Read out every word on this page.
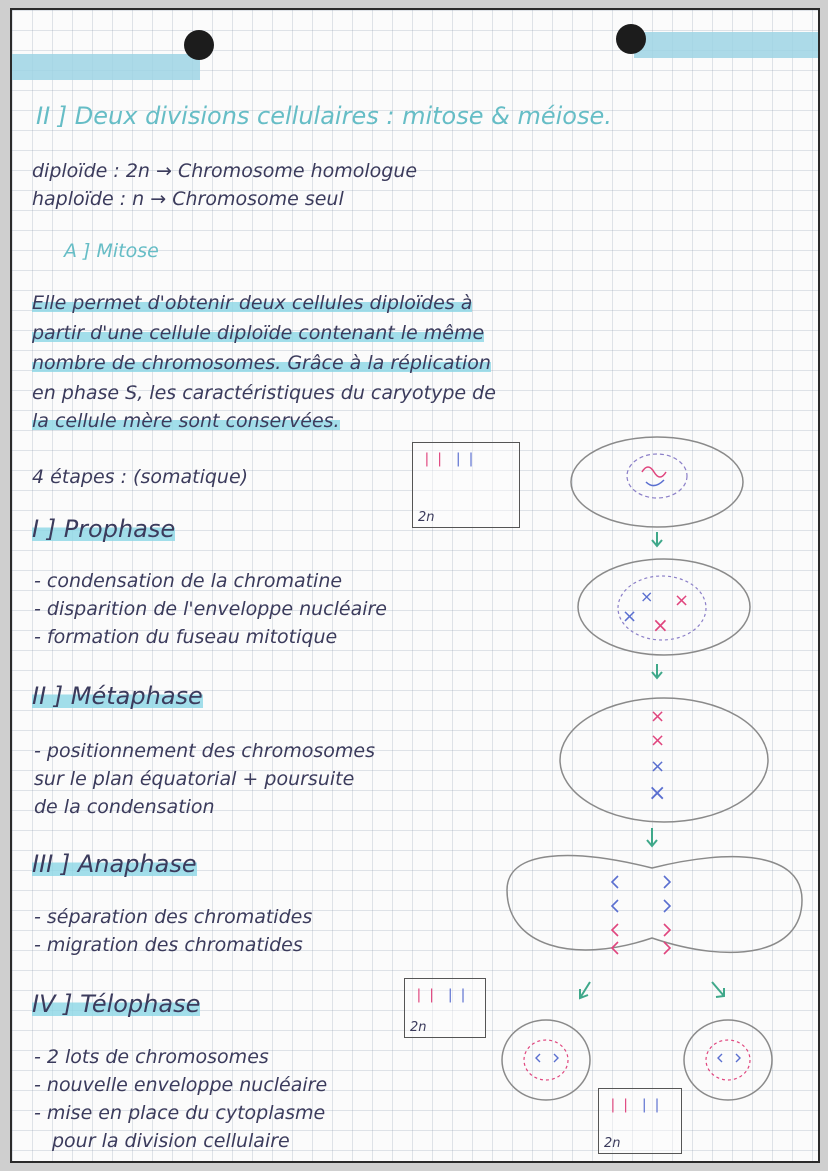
II ] Deux divisions cellulaires : mitose & méiose.
diploïde : 2n → Chromosome homologue
haploïde : n → Chromosome seul
A ] Mitose
Elle permet d'obtenir deux cellules diploïdes à
partir d'une cellule diploïde contenant le même
nombre de chromosomes. Grâce à la réplication
en phase S, les caractéristiques du caryotype de
la cellule mère sont conservées.
4 étapes : (somatique)
I ] Prophase
- condensation de la chromatine
- disparition de l'enveloppe nucléaire
- formation du fuseau mitotique
II ] Métaphase
- positionnement des chromosomes
sur le plan équatorial + poursuite
de la condensation
III ] Anaphase
- séparation des chromatides
- migration des chromatides
IV ] Télophase
- 2 lots de chromosomes
- nouvelle enveloppe nucléaire
- mise en place du cytoplasme
pour la division cellulaire
❘❘ ❘❘
2n
❘❘ ❘❘
2n
❘❘ ❘❘
2n
× ×
× ×
×
×
×
×
